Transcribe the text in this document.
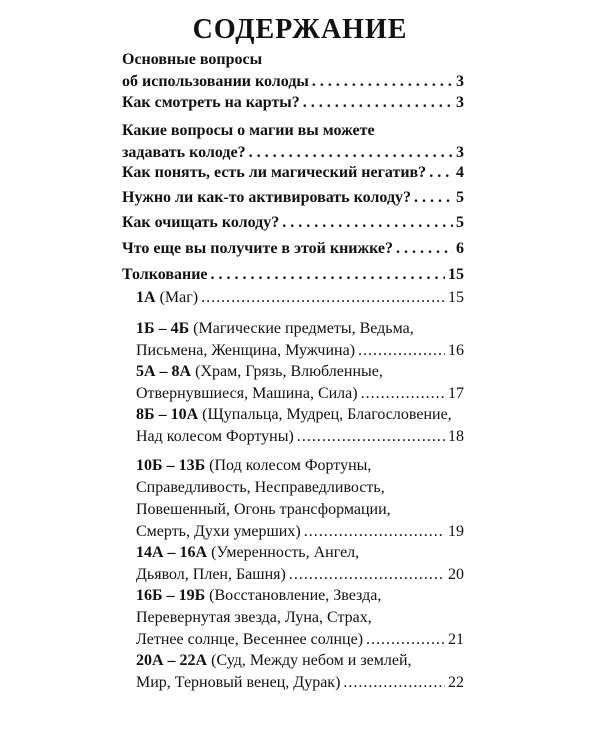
СОДЕРЖАНИЕ
Основные вопросы
об использовании колоды . . .	3
Как смотреть на карты? . . .	3
Какие вопросы о магии вы можете
задавать колоде? . . .	3
Как понять, есть ли магический негатив? . . . 4
Нужно ли как-то активировать колоду? . . .	5
Как очищать колоду? . . .	5
Что еще вы получите в этой книжке? . . .	6
Толкование . . .	15
1А (Маг) .....	15
1Б – 4Б (Магические предметы, Ведьма,
Письмена, Женщина, Мужчина) .....	16
5А – 8А (Храм, Грязь, Влюбленные,
Отвернувшиеся, Машина, Сила) .....	17
8Б – 10А (Щупальца, Мудрец, Благословение,
Над колесом Фортуны) .....	18
10Б – 13Б (Под колесом Фортуны,
Справедливость, Несправедливость,
Повешенный, Огонь трансформации,
Смерть, Духи умерших) .....	19
14А – 16А (Умеренность, Ангел,
Дьявол, Плен, Башня) .....	20
16Б – 19Б (Восстановление, Звезда,
Перевернутая звезда, Луна, Страх,
Летнее солнце, Весеннее солнце) .....	21
20А – 22А (Суд, Между небом и землей,
Мир, Терновый венец, Дурак) .....	22
